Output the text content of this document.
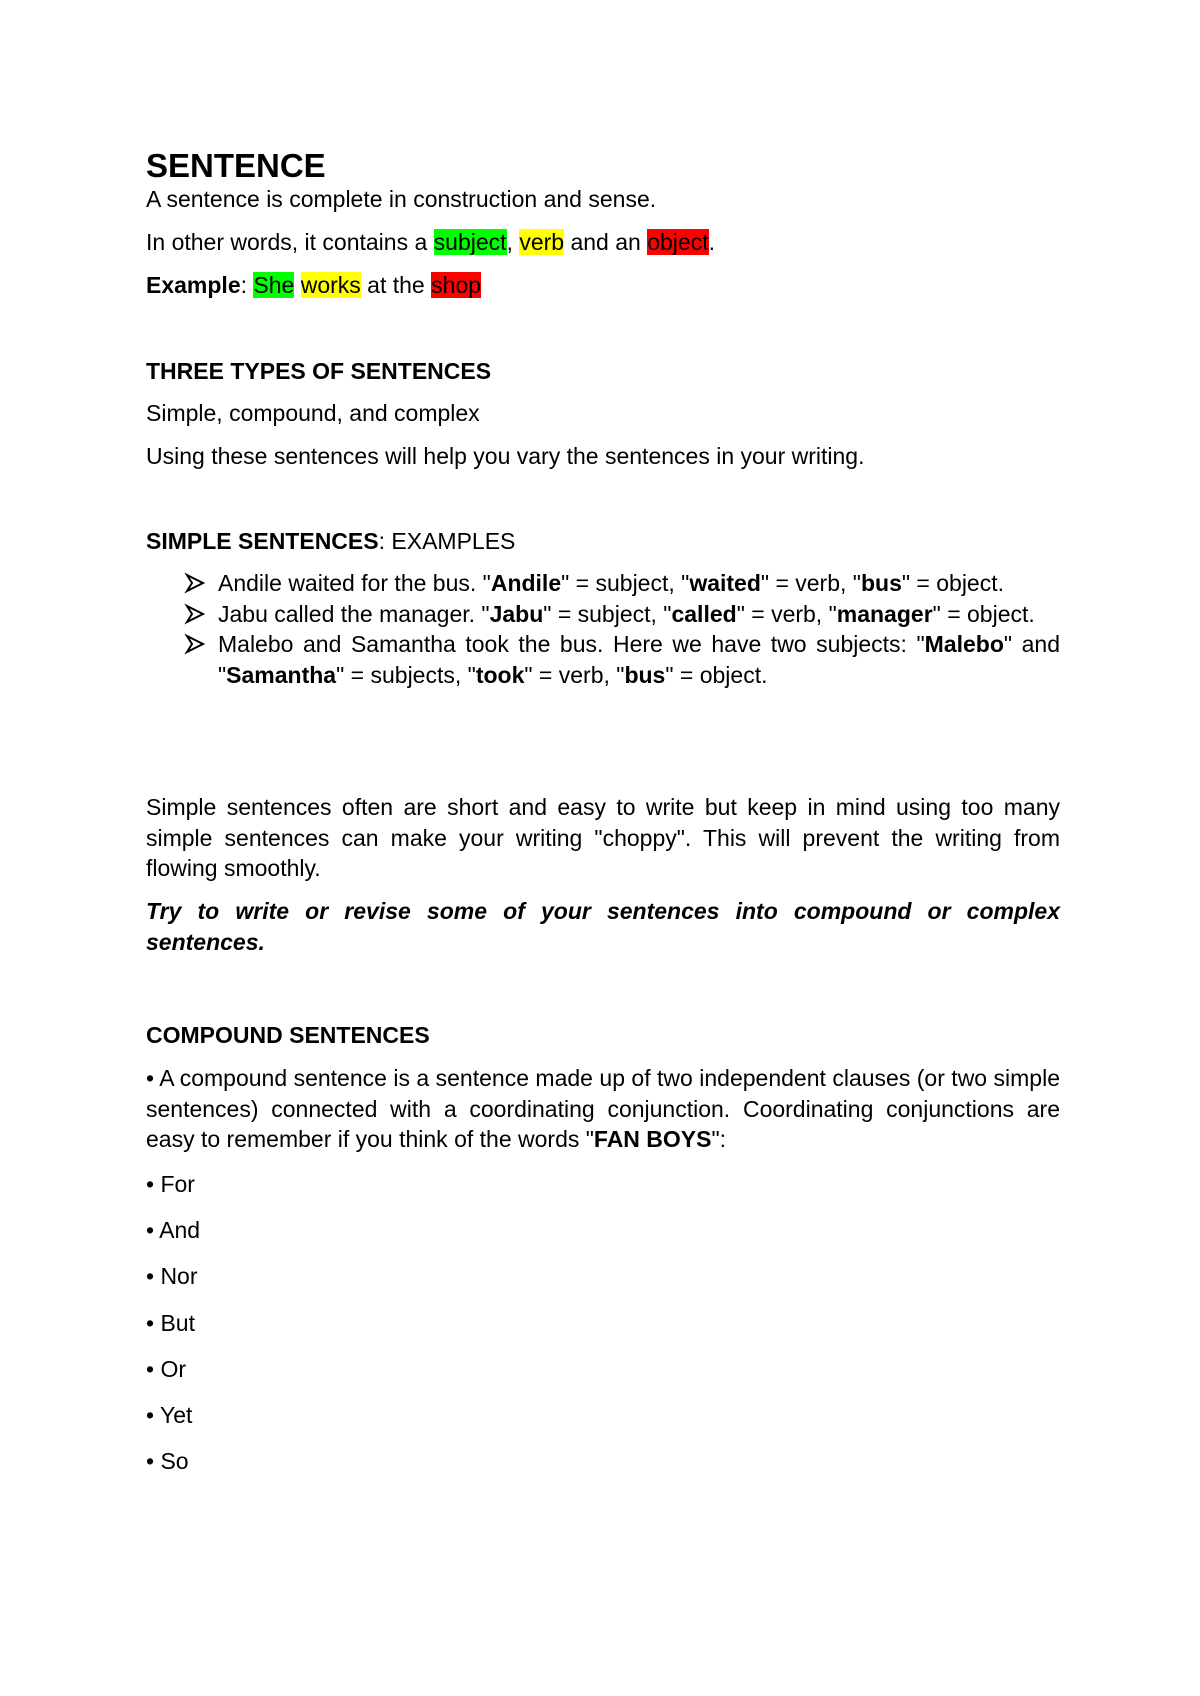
SENTENCE

A sentence is complete in construction and sense.

In other words, it contains a subject, verb and an object.

Example: She works at the shop

THREE TYPES OF SENTENCES

Simple, compound, and complex

Using these sentences will help you vary the sentences in your writing.

SIMPLE SENTENCES: EXAMPLES

Andile waited for the bus. "Andile" = subject, "waited" = verb, "bus" = object.
Jabu called the manager. "Jabu" = subject, "called" = verb, "manager" = object.
Malebo and Samantha took the bus. Here we have two subjects: "Malebo" and "Samantha" = subjects, "took" = verb, "bus" = object.

Simple sentences often are short and easy to write but keep in mind using too many simple sentences can make your writing "choppy". This will prevent the writing from flowing smoothly.

Try to write or revise some of your sentences into compound or complex sentences.

COMPOUND SENTENCES

• A compound sentence is a sentence made up of two independent clauses (or two simple sentences) connected with a coordinating conjunction. Coordinating conjunctions are easy to remember if you think of the words "FAN BOYS":

• For

• And

• Nor

• But

• Or

• Yet

• So
